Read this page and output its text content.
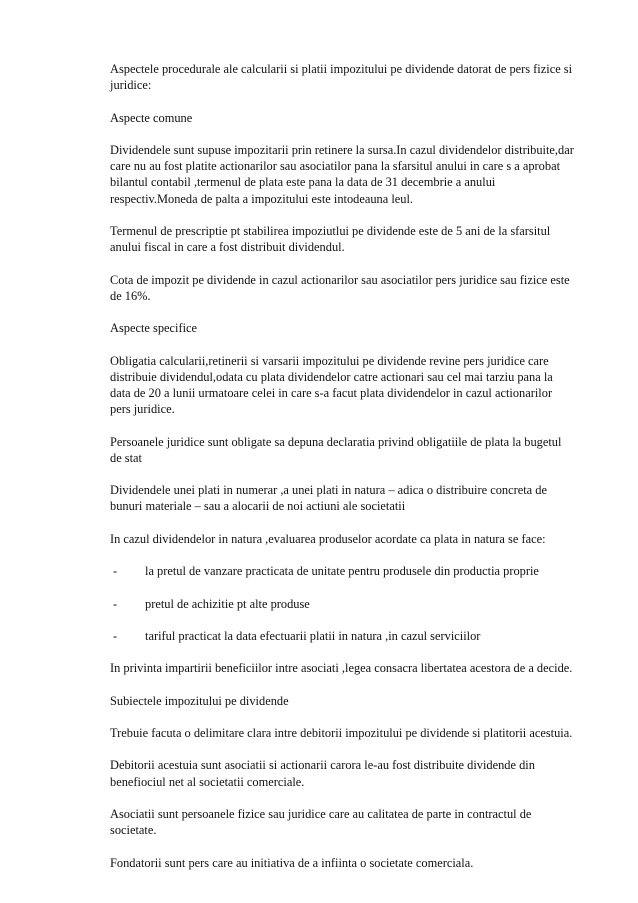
Aspectele procedurale ale calcularii si platii impozitului pe dividende datorat de pers fizice si
juridice:

Aspecte comune

Dividendele sunt supuse impozitarii prin retinere la sursa.In cazul dividendelor distribuite,dar
care nu au fost platite actionarilor sau asociatilor pana la sfarsitul anului in care s a aprobat
bilantul contabil ,termenul de plata este pana la data de 31 decembrie a anului
respectiv.Moneda de palta a impozitului este intodeauna leul.

Termenul de prescriptie pt stabilirea impoziutlui pe dividende este de 5 ani de la sfarsitul
anului fiscal in care a fost distribuit dividendul.

Cota de impozit pe dividende in cazul actionarilor sau asociatilor pers juridice sau fizice este
de 16%.

Aspecte specifice

Obligatia calcularii,retinerii si varsarii impozitului pe dividende revine pers juridice care
distribuie dividendul,odata cu plata dividendelor catre actionari sau cel mai tarziu pana la
data de 20 a lunii urmatoare celei in care s-a facut plata dividendelor in cazul actionarilor
pers juridice.

Persoanele juridice sunt obligate sa depuna declaratia privind obligatiile de plata la bugetul
de stat

Dividendele unei plati in numerar ,a unei plati in natura – adica o distribuire concreta de
bunuri materiale – sau a alocarii de noi actiuni ale societatii

In cazul dividendelor in natura ,evaluarea produselor acordate ca plata in natura se face:

- la pretul de vanzare practicata de unitate pentru produsele din productia proprie
- pretul de achizitie pt alte produse
- tariful practicat la data efectuarii platii in natura ,in cazul serviciilor

In privinta impartirii beneficiilor intre asociati ,legea consacra libertatea acestora de a decide.

Subiectele impozitului pe dividende

Trebuie facuta o delimitare clara intre debitorii impozitului pe dividende si platitorii acestuia.

Debitorii acestuia sunt asociatii si actionarii carora le-au fost distribuite dividende din
benefiociul net al societatii comerciale.

Asociatii sunt persoanele fizice sau juridice care au calitatea de parte in contractul de
societate.

Fondatorii sunt pers care au initiativa de a infiinta o societate comerciala.
